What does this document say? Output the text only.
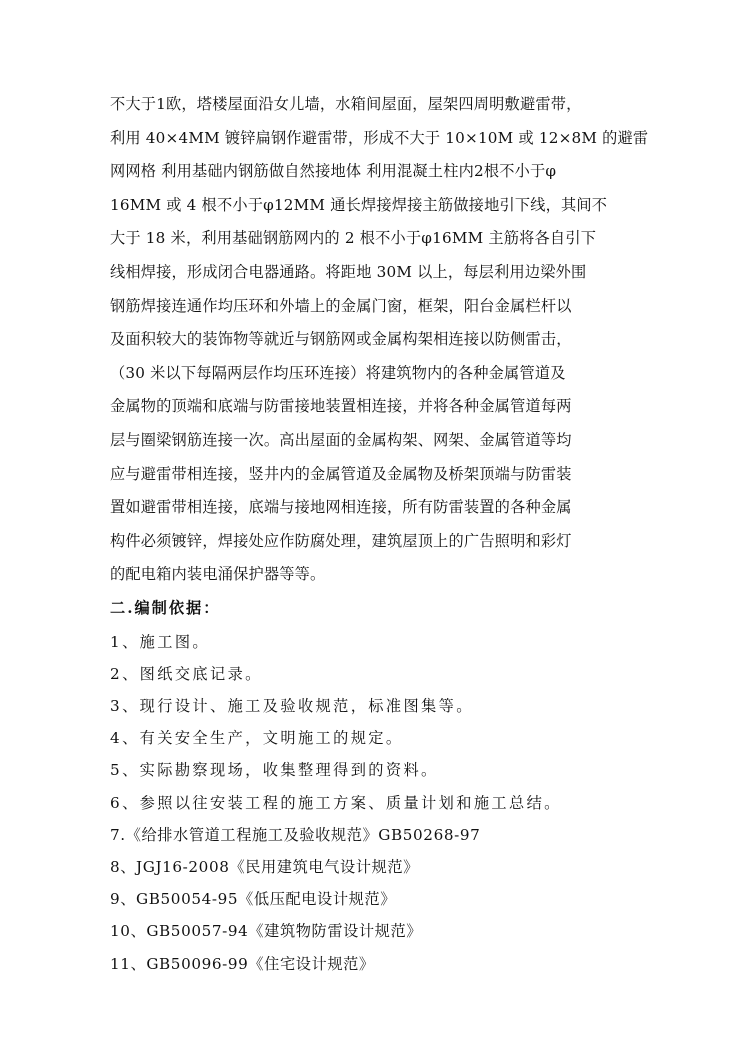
不大于1欧，塔楼屋面沿女儿墙，水箱间屋面，屋架四周明敷避雷带，

利用 40×4MM 镀锌扁钢作避雷带，形成不大于 10×10M 或 12×8M 的避雷

网网格 利用基础内钢筋做自然接地体 利用混凝土柱内2根不小于φ

16MM 或 4 根不小于φ12MM 通长焊接焊接主筋做接地引下线，其间不

大于 18 米，利用基础钢筋网内的 2 根不小于φ16MM 主筋将各自引下

线相焊接，形成闭合电器通路。将距地 30M 以上，每层利用边梁外围

钢筋焊接连通作均压环和外墙上的金属门窗，框架，阳台金属栏杆以

及面积较大的装饰物等就近与钢筋网或金属构架相连接以防侧雷击，

（30 米以下每隔两层作均压环连接）将建筑物内的各种金属管道及

金属物的顶端和底端与防雷接地装置相连接，并将各种金属管道每两

层与圈梁钢筋连接一次。高出屋面的金属构架、网架、金属管道等均

应与避雷带相连接，竖井内的金属管道及金属物及桥架顶端与防雷装

置如避雷带相连接，底端与接地网相连接，所有防雷装置的各种金属

构件必须镀锌，焊接处应作防腐处理，建筑屋顶上的广告照明和彩灯

的配电箱内装电涌保护器等等。

二.编制依据：

1、施工图。

2、图纸交底记录。

3、现行设计、施工及验收规范，标准图集等。

4、有关安全生产，文明施工的规定。

5、实际勘察现场，收集整理得到的资料。

6、参照以往安装工程的施工方案、质量计划和施工总结。

7.《给排水管道工程施工及验收规范》GB50268-97

8、JGJ16-2008《民用建筑电气设计规范》

9、GB50054-95《低压配电设计规范》

10、GB50057-94《建筑物防雷设计规范》

11、GB50096-99《住宅设计规范》
